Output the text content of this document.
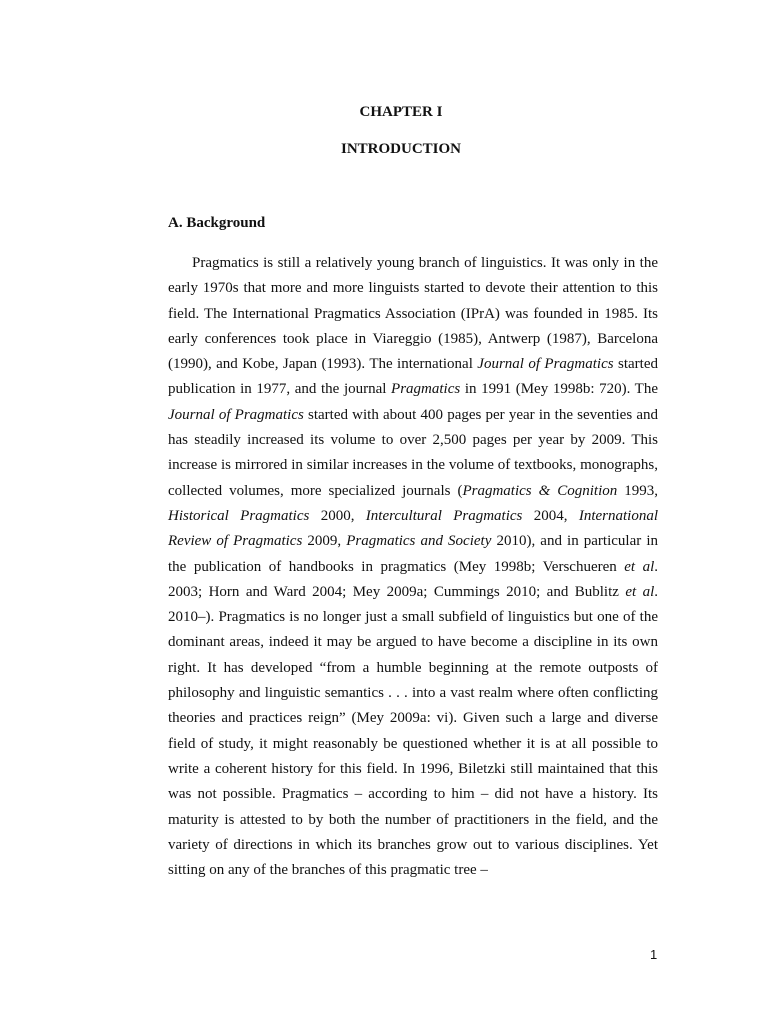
CHAPTER I
INTRODUCTION
A. Background

Pragmatics is still a relatively young branch of linguistics. It was only in the early 1970s that more and more linguists started to devote their attention to this field. The International Pragmatics Association (IPrA) was founded in 1985. Its early conferences took place in Viareggio (1985), Antwerp (1987), Barcelona (1990), and Kobe, Japan (1993). The international Journal of Pragmatics started publication in 1977, and the journal Pragmatics in 1991 (Mey 1998b: 720). The Journal of Pragmatics started with about 400 pages per year in the seventies and has steadily increased its volume to over 2,500 pages per year by 2009. This increase is mirrored in similar increases in the volume of textbooks, monographs, collected volumes, more specialized journals (Pragmatics & Cognition 1993, Historical Pragmatics 2000, Intercultural Pragmatics 2004, International Review of Pragmatics 2009, Pragmatics and Society 2010), and in particular in the publication of handbooks in pragmatics (Mey 1998b; Verschueren et al. 2003; Horn and Ward 2004; Mey 2009a; Cummings 2010; and Bublitz et al. 2010–). Pragmatics is no longer just a small subfield of linguistics but one of the dominant areas, indeed it may be argued to have become a discipline in its own right. It has developed “from a humble beginning at the remote outposts of philosophy and linguistic semantics . . . into a vast realm where often conflicting theories and practices reign” (Mey 2009a: vi). Given such a large and diverse field of study, it might reasonably be questioned whether it is at all possible to write a coherent history for this field. In 1996, Biletzki still maintained that this was not possible. Pragmatics – according to him – did not have a history. Its maturity is attested to by both the number of practitioners in the field, and the variety of directions in which its branches grow out to various disciplines. Yet sitting on any of the branches of this pragmatic tree –

1
